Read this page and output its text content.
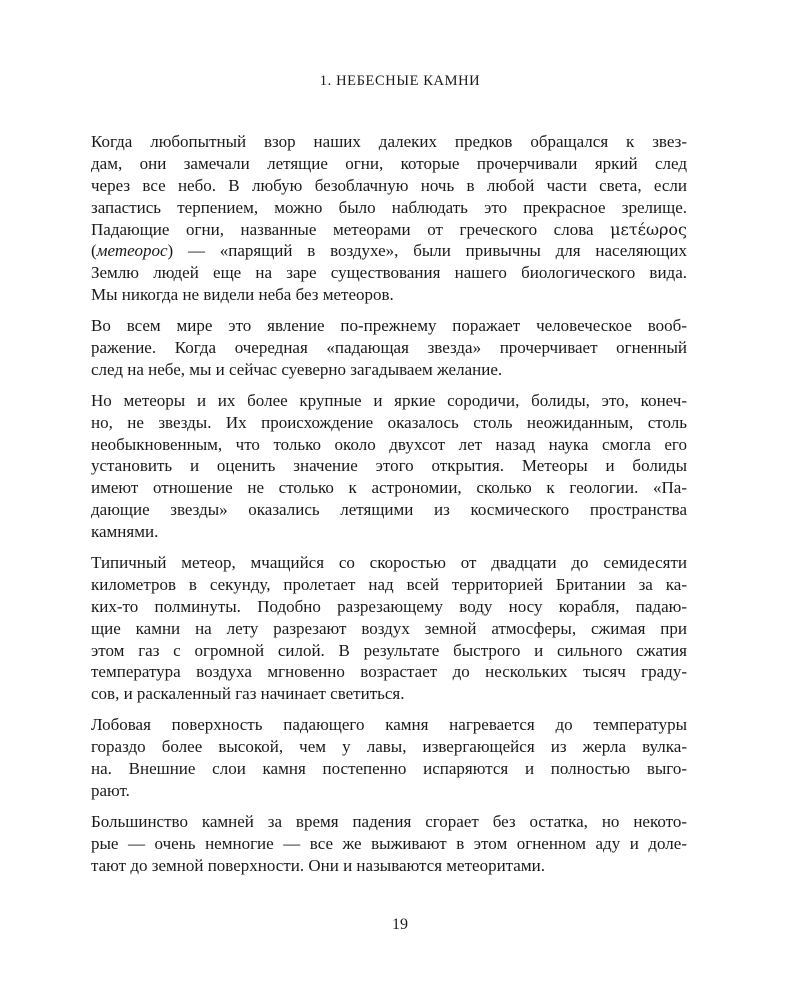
1. НЕБЕСНЫЕ КАМНИ

Когда любопытный взор наших далеких предков обращался к звез-
дам, они замечали летящие огни, которые прочерчивали яркий след
через все небо. В любую безоблачную ночь в любой части света, если
запастись терпением, можно было наблюдать это прекрасное зрелище.
Падающие огни, названные метеорами от греческого слова μετέωρος
(метеорос) — «парящий в воздухе», были привычны для населяющих
Землю людей еще на заре существования нашего биологического вида.
Мы никогда не видели неба без метеоров.

Во всем мире это явление по-прежнему поражает человеческое вооб-
ражение. Когда очередная «падающая звезда» прочерчивает огненный
след на небе, мы и сейчас суеверно загадываем желание.

Но метеоры и их более крупные и яркие сородичи, болиды, это, конеч-
но, не звезды. Их происхождение оказалось столь неожиданным, столь
необыкновенным, что только около двухсот лет назад наука смогла его
установить и оценить значение этого открытия. Метеоры и болиды
имеют отношение не столько к астрономии, сколько к геологии. «Па-
дающие звезды» оказались летящими из космического пространства
камнями.

Типичный метеор, мчащийся со скоростью от двадцати до семидесяти
километров в секунду, пролетает над всей территорией Британии за ка-
ких-то полминуты. Подобно разрезающему воду носу корабля, падаю-
щие камни на лету разрезают воздух земной атмосферы, сжимая при
этом газ с огромной силой. В результате быстрого и сильного сжатия
температура воздуха мгновенно возрастает до нескольких тысяч граду-
сов, и раскаленный газ начинает светиться.

Лобовая поверхность падающего камня нагревается до температуры
гораздо более высокой, чем у лавы, извергающейся из жерла вулка-
на. Внешние слои камня постепенно испаряются и полностью выго-
рают.

Большинство камней за время падения сгорает без остатка, но некото-
рые — очень немногие — все же выживают в этом огненном аду и доле-
тают до земной поверхности. Они и называются метеоритами.

19
